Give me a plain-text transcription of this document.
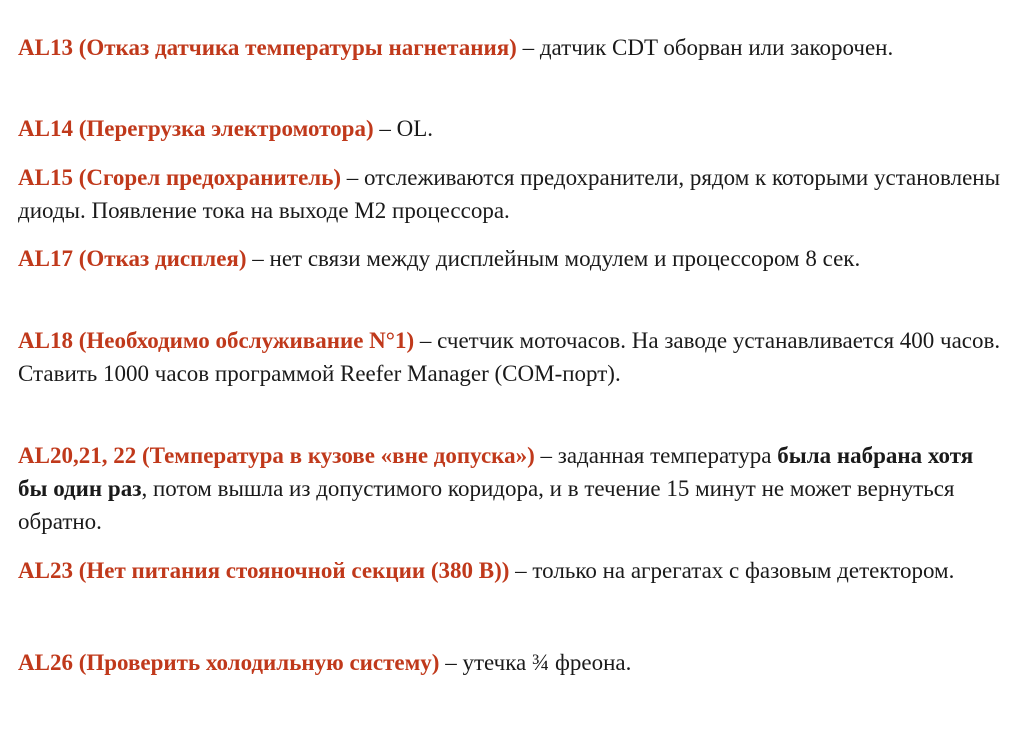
AL13 (Отказ датчика температуры нагнетания) – датчик CDT оборван или закорочен.

AL14 (Перегрузка электромотора) – OL.

AL15 (Сгорел предохранитель) – отслеживаются предохранители, рядом к которыми установлены диоды. Появление тока на выходе М2 процессора.

AL17 (Отказ дисплея) – нет связи между дисплейным модулем и процессором 8 сек.

AL18 (Необходимо обслуживание N°1) – счетчик моточасов. На заводе устанавливается 400 часов. Ставить 1000 часов программой Reefer Manager (COM-порт).

AL20,21, 22 (Температура в кузове «вне допуска») – заданная температура была набрана хотя бы один раз, потом вышла из допустимого коридора, и в течение 15 минут не может вернуться обратно.

AL23 (Нет питания стояночной секции (380 В)) – только на агрегатах с фазовым детектором.

AL26 (Проверить холодильную систему) – утечка ¾ фреона.
